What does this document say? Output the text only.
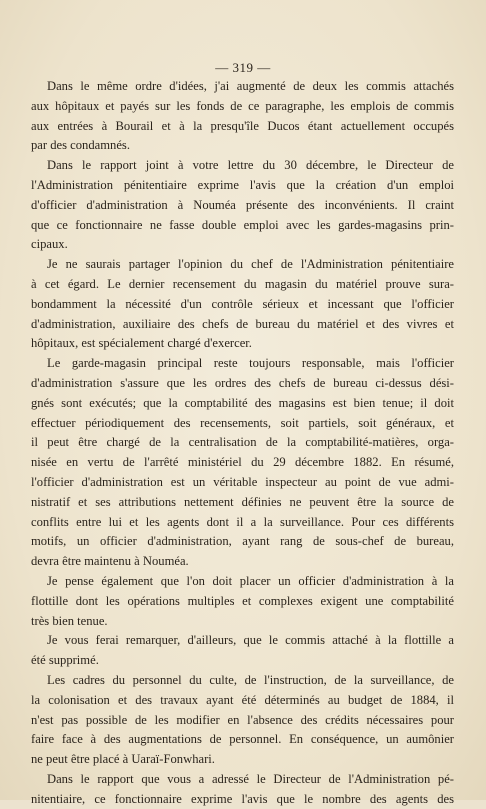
— 319 —
Dans le même ordre d'idées, j'ai augmenté de deux les commis attachés
aux hôpitaux et payés sur les fonds de ce paragraphe, les emplois de commis
aux entrées à Bourail et à la presqu'île Ducos étant actuellement occupés
par des condamnés.
Dans le rapport joint à votre lettre du 30 décembre, le Directeur de
l'Administration pénitentiaire exprime l'avis que la création d'un emploi
d'officier d'administration à Nouméa présente des inconvénients. Il craint
que ce fonctionnaire ne fasse double emploi avec les gardes-magasins prin-
cipaux.
Je ne saurais partager l'opinion du chef de l'Administration pénitentiaire
à cet égard. Le dernier recensement du magasin du matériel prouve sura-
bondamment la nécessité d'un contrôle sérieux et incessant que l'officier
d'administration, auxiliaire des chefs de bureau du matériel et des vivres et
hôpitaux, est spécialement chargé d'exercer.
Le garde-magasin principal reste toujours responsable, mais l'officier
d'administration s'assure que les ordres des chefs de bureau ci-dessus dési-
gnés sont exécutés; que la comptabilité des magasins est bien tenue; il doit
effectuer périodiquement des recensements, soit partiels, soit généraux, et
il peut être chargé de la centralisation de la comptabilité-matières, orga-
nisée en vertu de l'arrêté ministériel du 29 décembre 1882. En résumé,
l'officier d'administration est un véritable inspecteur au point de vue admi-
nistratif et ses attributions nettement définies ne peuvent être la source de
conflits entre lui et les agents dont il a la surveillance. Pour ces différents
motifs, un officier d'administration, ayant rang de sous-chef de bureau,
devra être maintenu à Nouméa.
Je pense également que l'on doit placer un officier d'administration à la
flottille dont les opérations multiples et complexes exigent une comptabilité
très bien tenue.
Je vous ferai remarquer, d'ailleurs, que le commis attaché à la flottille a
été supprimé.
Les cadres du personnel du culte, de l'instruction, de la surveillance, de
la colonisation et des travaux ayant été déterminés au budget de 1884, il
n'est pas possible de les modifier en l'absence des crédits nécessaires pour
faire face à des augmentations de personnel. En conséquence, un aumônier
ne peut être placé à Uaraï-Fonwhari.
Dans le rapport que vous a adressé le Directeur de l'Administration pé-
nitentiaire, ce fonctionnaire exprime l'avis que le nombre des agents des
